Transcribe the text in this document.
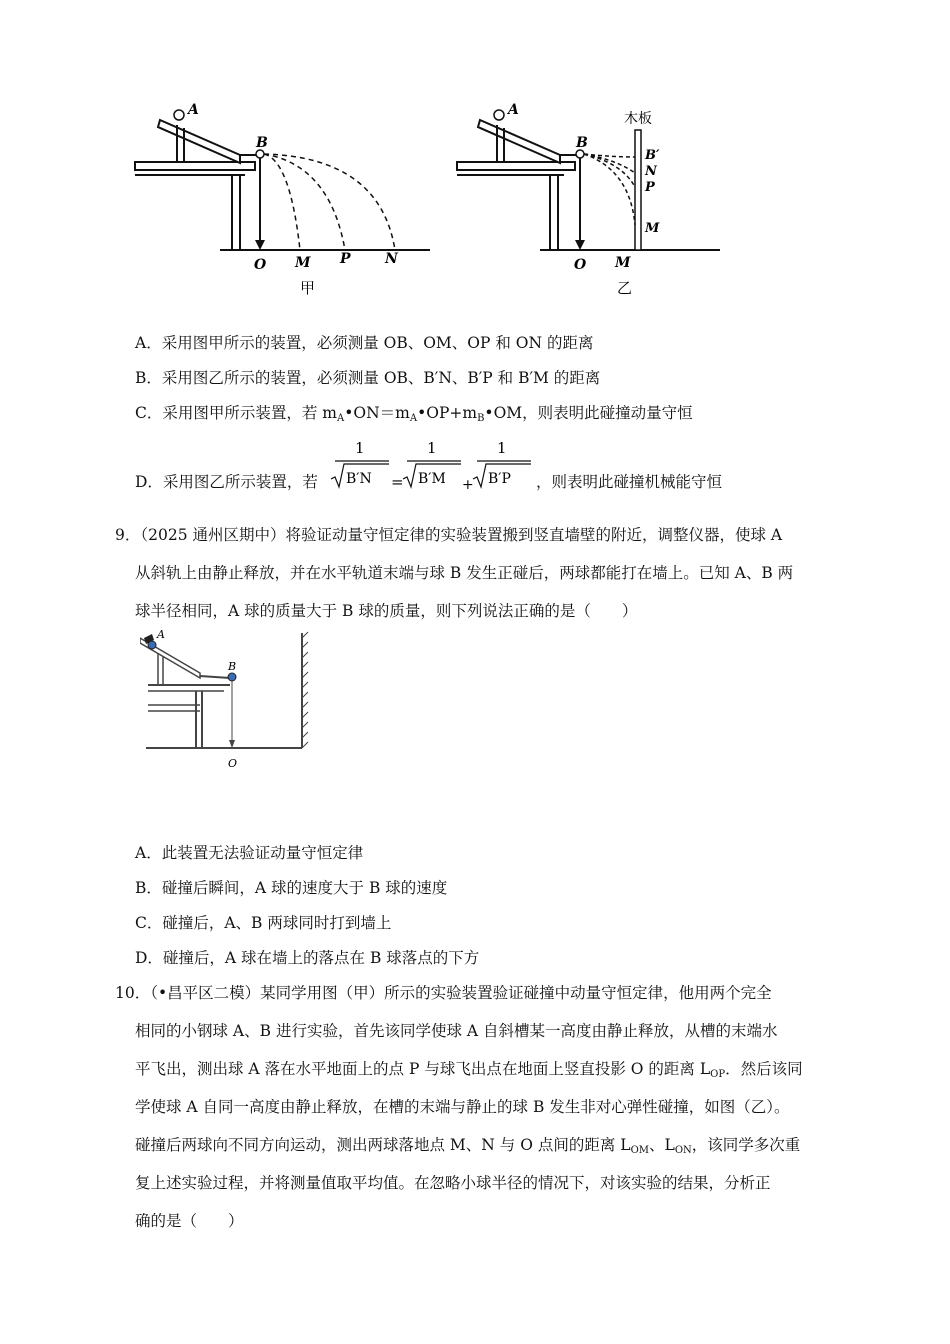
A
B
O M P N
甲
A
B
木板
B′
N
P
M
O M
乙
A．采用图甲所示的装置，必须测量 OB、OM、OP 和 ON 的距离
B．采用图乙所示的装置，必须测量 OB、B′N、B′P 和 B′M 的距离
C．采用图甲所示装置，若 $m_A•ON=m_A•OP+m_B•OM$，则表明此碰撞动量守恒
D．采用图乙所示装置，若
1
B′N =
1
B′M +
1
B′P ，则表明此碰撞机械能守恒
9．（2025 通州区期中）将验证动量守恒定律的实验装置搬到竖直墙壁的附近，调整仪器，使球 A
从斜轨上由静止释放，并在水平轨道末端与球 B 发生正碰后，两球都能打在墙上。已知 A、B 两
球半径相同，A 球的质量大于 B 球的质量，则下列说法正确的是（　　）
A
B
O
A．此装置无法验证动量守恒定律
B．碰撞后瞬间，A 球的速度大于 B 球的速度
C．碰撞后，A、B 两球同时打到墙上
D．碰撞后，A 球在墙上的落点在 B 球落点的下方
10．（•昌平区二模）某同学用图（甲）所示的实验装置验证碰撞中动量守恒定律，他用两个完全
相同的小钢球 A、B 进行实验，首先该同学使球 A 自斜槽某一高度由静止释放，从槽的末端水
平飞出，测出球 A 落在水平地面上的点 P 与球飞出点在地面上竖直投影 O 的距离 $L_{OP}$．然后该同
学使球 A 自同一高度由静止释放，在槽的末端与静止的球 B 发生非对心弹性碰撞，如图（乙）。
碰撞后两球向不同方向运动，测出两球落地点 M、N 与 O 点间的距离 $L_{OM}$、$L_{ON}$，该同学多次重
复上述实验过程，并将测量值取平均值。在忽略小球半径的情况下，对该实验的结果，分析正
确的是（　　）
